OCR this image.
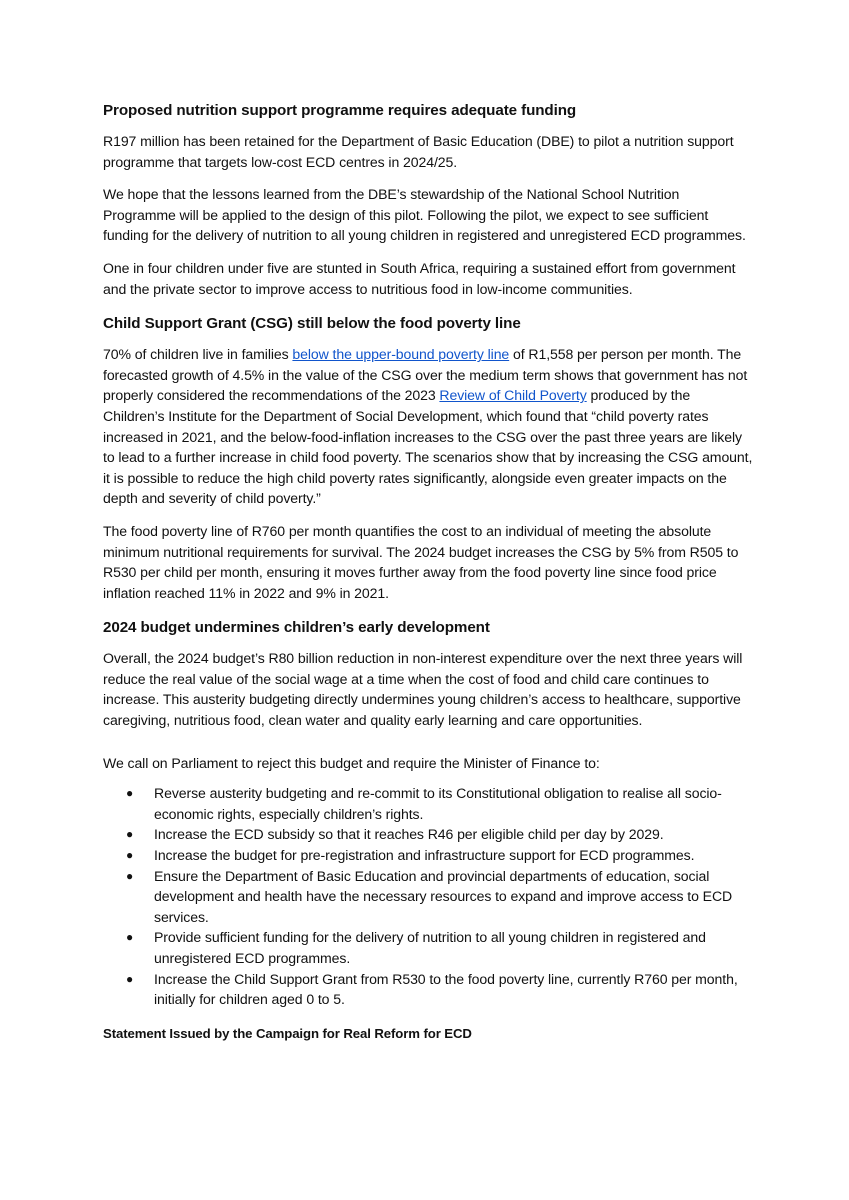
Proposed nutrition support programme requires adequate funding

R197 million has been retained for the Department of Basic Education (DBE) to pilot a nutrition support programme that targets low-cost ECD centres in 2024/25.

We hope that the lessons learned from the DBE’s stewardship of the National School Nutrition Programme will be applied to the design of this pilot. Following the pilot, we expect to see sufficient funding for the delivery of nutrition to all young children in registered and unregistered ECD programmes.

One in four children under five are stunted in South Africa, requiring a sustained effort from government and the private sector to improve access to nutritious food in low-income communities.

Child Support Grant (CSG) still below the food poverty line

70% of children live in families below the upper-bound poverty line of R1,558 per person per month. The forecasted growth of 4.5% in the value of the CSG over the medium term shows that government has not properly considered the recommendations of the 2023 Review of Child Poverty produced by the Children’s Institute for the Department of Social Development, which found that “child poverty rates increased in 2021, and the below-food-inflation increases to the CSG over the past three years are likely to lead to a further increase in child food poverty. The scenarios show that by increasing the CSG amount, it is possible to reduce the high child poverty rates significantly, alongside even greater impacts on the depth and severity of child poverty.”

The food poverty line of R760 per month quantifies the cost to an individual of meeting the absolute minimum nutritional requirements for survival. The 2024 budget increases the CSG by 5% from R505 to R530 per child per month, ensuring it moves further away from the food poverty line since food price inflation reached 11% in 2022 and 9% in 2021.

2024 budget undermines children’s early development

Overall, the 2024 budget’s R80 billion reduction in non-interest expenditure over the next three years will reduce the real value of the social wage at a time when the cost of food and child care continues to increase. This austerity budgeting directly undermines young children’s access to healthcare, supportive caregiving, nutritious food, clean water and quality early learning and care opportunities.

We call on Parliament to reject this budget and require the Minister of Finance to:

● Reverse austerity budgeting and re-commit to its Constitutional obligation to realise all socio-economic rights, especially children’s rights.
● Increase the ECD subsidy so that it reaches R46 per eligible child per day by 2029.
● Increase the budget for pre-registration and infrastructure support for ECD programmes.
● Ensure the Department of Basic Education and provincial departments of education, social development and health have the necessary resources to expand and improve access to ECD services.
● Provide sufficient funding for the delivery of nutrition to all young children in registered and unregistered ECD programmes.
● Increase the Child Support Grant from R530 to the food poverty line, currently R760 per month, initially for children aged 0 to 5.
Statement Issued by the Campaign for Real Reform for ECD
